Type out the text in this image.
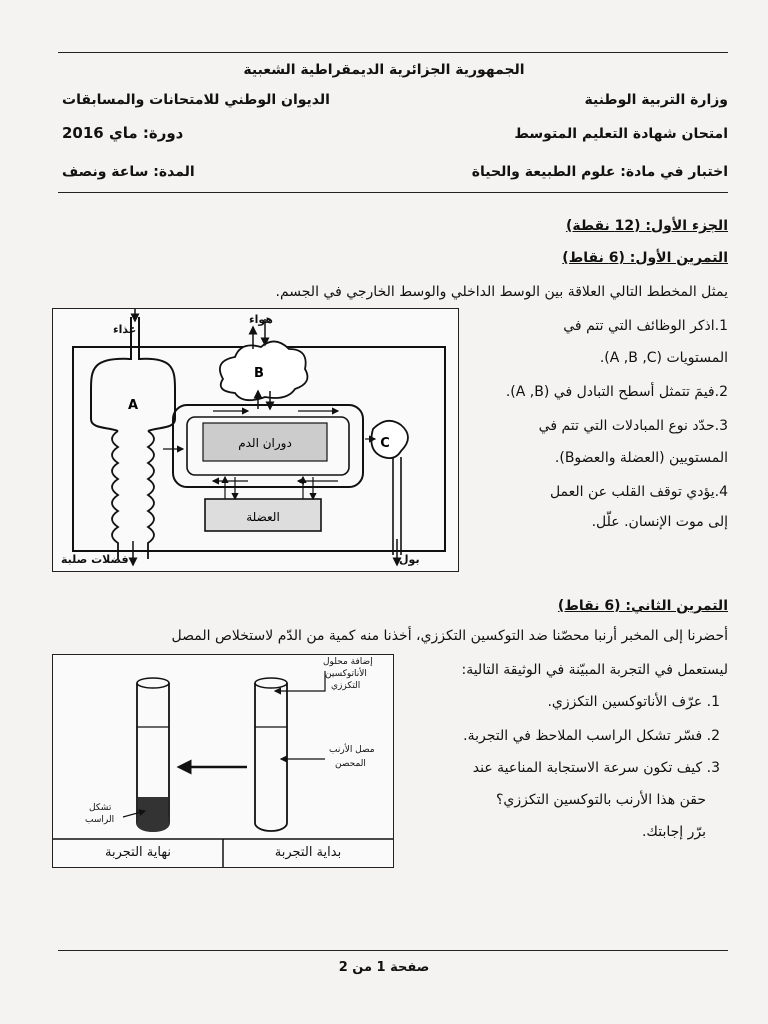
الجمهورية الجزائرية الديمقراطية الشعبية
وزارة التربية الوطنية
الديوان الوطني للامتحانات والمسابقات
امتحان شهادة التعليم المتوسط
دورة: ماي 2016
اختبار في مادة: علوم الطبيعة والحياة
المدة: ساعة ونصف
الجزء الأول: (12 نقطة)
التمرين الأول: (6 نقاط)
يمثل المخطط التالي العلاقة بين الوسط الداخلي والوسط الخارجي في الجسم.
1.اذكر الوظائف التي تتم في
المستويات (A ,B ,C).
2.فيمَ تتمثل أسطح التبادل في (A ,B).
3.حدّد نوع المبادلات التي تتم في
المستويين (العضلة والعضوB).
4.يؤدي توقف القلب عن العمل
إلى موت الإنسان. علّل.
A
B
دوران الدم
العضلة
C
غذاء
هواء
فضلات صلبة	بول
التمرين الثاني: (6 نقاط)
أحضرنا إلى المخبر أرنبا محصّنا ضد التوكسين التكززي، أخذنا منه كمية من الدّم لاستخلاص المصل
ليستعمل في التجربة المبيّنة في الوثيقة التالية:
1. عرّف الأناتوكسين التكززي.
2. فسّر تشكل الراسب الملاحظ في التجربة.
3. كيف تكون سرعة الاستجابة المناعية عند
حقن هذا الأرنب بالتوكسين التكززي؟
برّر إجابتك.
إضافة محلول
الأناتوكسين
التكززي
مصل الأرنب
المحصن
تشكل
الراسب
نهاية التجربة	بداية التجربة
صفحة 1 من 2
